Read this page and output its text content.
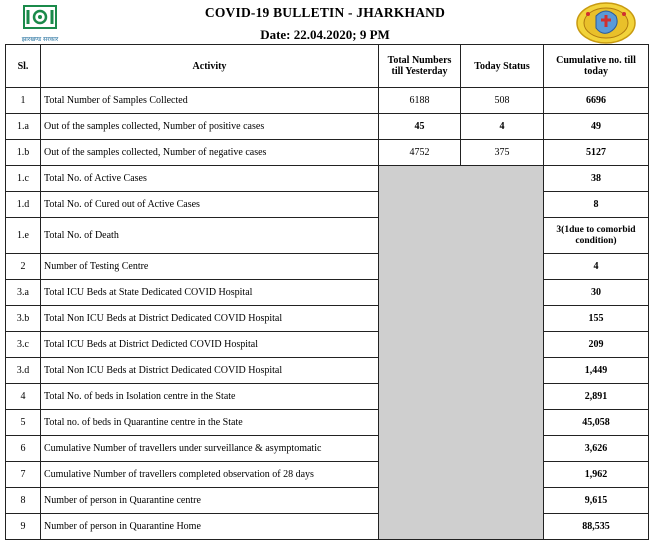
झारखण्ड सरकार
COVID-19 BULLETIN - JHARKHAND
Date: 22.04.2020; 9 PM
Sl.	Activity	Total Numbers till Yesterday	Today Status	Cumulative no. till today
1	Total Number of Samples Collected	6188	508	6696
1.a	Out of the samples collected, Number of positive cases	45	4	49
1.b	Out of the samples collected, Number of negative cases	4752	375	5127
1.c	Total No. of Active Cases			38
1.d	Total No. of Cured out of Active Cases			8
1.e	Total No. of Death			3(1due to comorbid condition)
2	Number of Testing Centre			4
3.a	Total ICU Beds at State Dedicated COVID Hospital			30
3.b	Total Non ICU Beds at District Dedicated COVID Hospital			155
3.c	Total ICU Beds at District Dedicted COVID Hospital			209
3.d	Total Non ICU Beds at District Dedicated COVID Hospital			1,449
4	Total No. of beds in Isolation centre in the State			2,891
5	Total no. of beds in Quarantine centre in the State			45,058
6	Cumulative Number of travellers under surveillance & asymptomatic			3,626
7	Cumulative Number of travellers completed observation of 28 days			1,962
8	Number of person in Quarantine centre			9,615
9	Number of person in Quarantine Home			88,535
